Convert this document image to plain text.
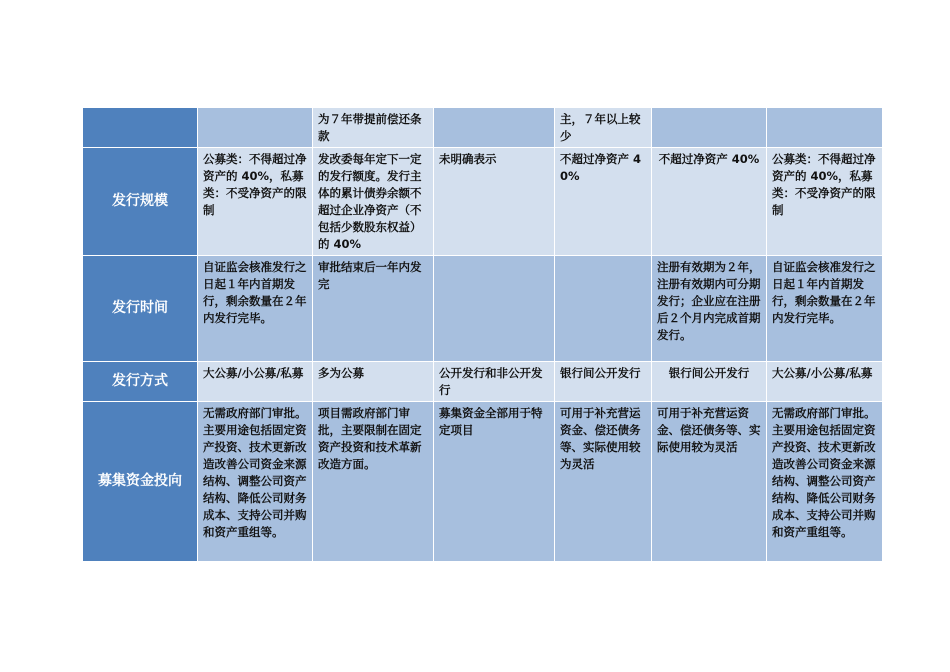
		为７年带提前偿还条款		主，７年以上较少		
发行规模	公募类：不得超过净资产的 40%，私募类：不受净资产的限制	发改委每年定下一定的发行额度。发行主体的累计债券余额不超过企业净资产（不包括少数股东权益）的 40%	未明确表示	不超过净资产 40%	不超过净资产 40%	公募类：不得超过净资产的 40%，私募类：不受净资产的限制
发行时间	自证监会核准发行之日起１年内首期发行，剩余数量在２年内发行完毕。	审批结束后一年内发完			注册有效期为２年，注册有效期内可分期发行；企业应在注册后２个月内完成首期发行。	自证监会核准发行之日起１年内首期发行，剩余数量在２年内发行完毕。
发行方式	大公募/小公募/私募	多为公募	公开发行和非公开发行	银行间公开发行	银行间公开发行	大公募/小公募/私募
募集资金投向	无需政府部门审批。主要用途包括固定资产投资、技术更新改造改善公司资金来源结构、调整公司资产结构、降低公司财务成本、支持公司并购和资产重组等。	项目需政府部门审批，主要限制在固定资产投资和技术革新改造方面。	募集资金全部用于特定项目	可用于补充营运资金、偿还债务等、实际使用较为灵活	可用于补充营运资金、偿还债务等、实际使用较为灵活	无需政府部门审批。主要用途包括固定资产投资、技术更新改造改善公司资金来源结构、调整公司资产结构、降低公司财务成本、支持公司并购和资产重组等。
